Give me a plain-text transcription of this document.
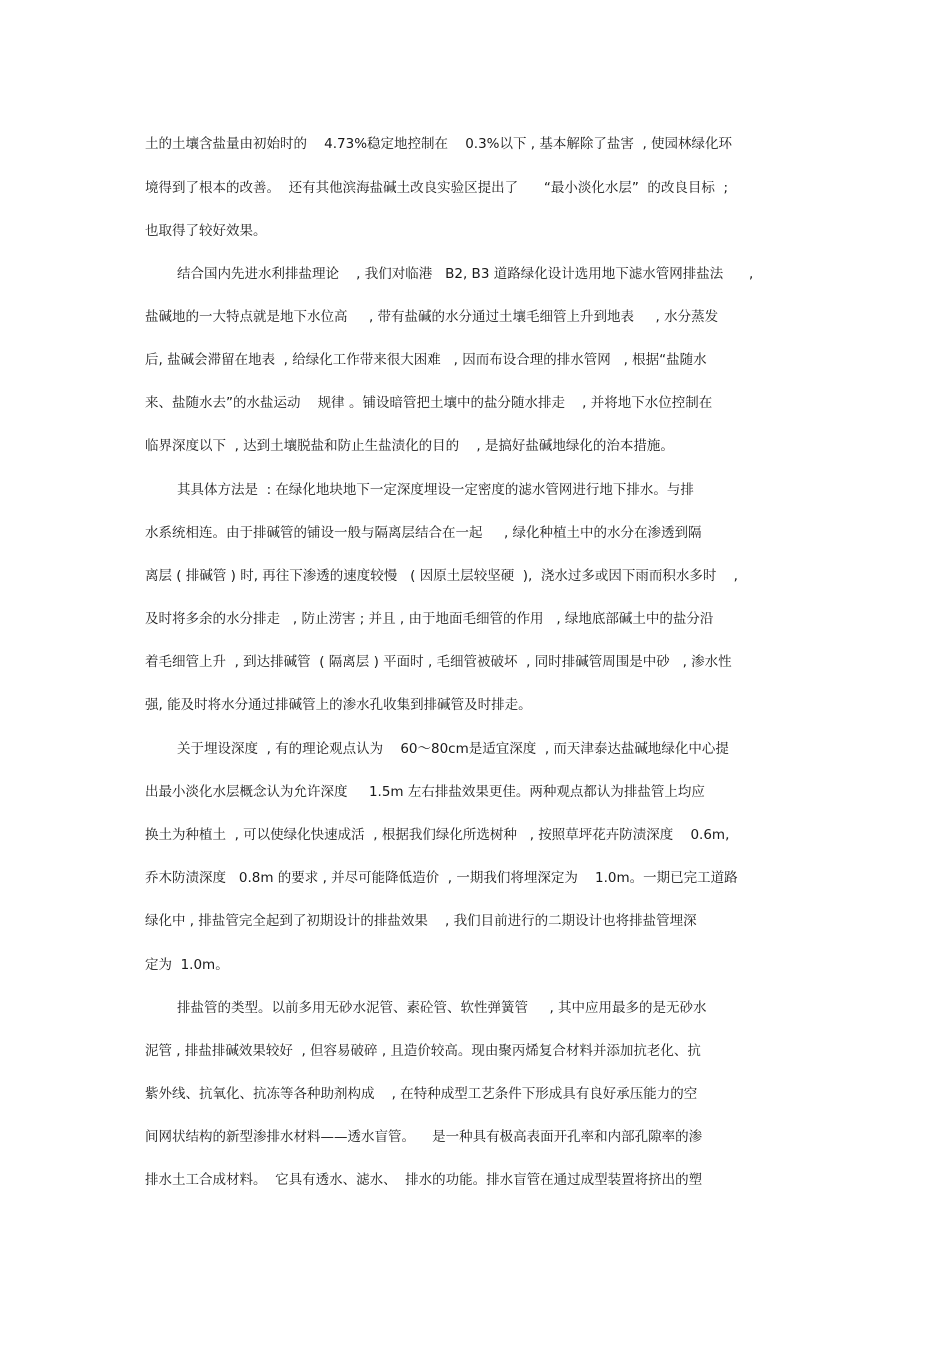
土的土壤含盐量由初始时的    4.73%稳定地控制在    0.3%以下 , 基本解除了盐害  , 使园林绿化环
境得到了根本的改善。  还有其他滨海盐碱土改良实验区提出了      “最小淡化水层”  的改良目标  ;
也取得了较好效果。
结合国内先进水利排盐理论    , 我们对临港   B2, B3 道路绿化设计选用地下滤水管网排盐法      ,
盐碱地的一大特点就是地下水位高     , 带有盐碱的水分通过土壤毛细管上升到地表     , 水分蒸发
后, 盐碱会滞留在地表  , 给绿化工作带来很大困难   , 因而布设合理的排水管网   , 根据“盐随水
来、盐随水去”的水盐运动    规律 。铺设暗管把土壤中的盐分随水排走    , 并将地下水位控制在
临界深度以下  , 达到土壤脱盐和防止生盐渍化的目的    , 是搞好盐碱地绿化的治本措施。
其具体方法是  : 在绿化地块地下一定深度埋设一定密度的滤水管网进行地下排水。与排
水系统相连。由于排碱管的铺设一般与隔离层结合在一起     , 绿化种植土中的水分在渗透到隔
离层 ( 排碱管 ) 时, 再往下渗透的速度较慢   ( 因原土层较坚硬  ),  浇水过多或因下雨而积水多时    ,
及时将多余的水分排走   , 防止涝害 ; 并且 , 由于地面毛细管的作用   , 绿地底部碱土中的盐分沿
着毛细管上升  , 到达排碱管  ( 隔离层 ) 平面时 , 毛细管被破坏  , 同时排碱管周围是中砂   , 渗水性
强, 能及时将水分通过排碱管上的渗水孔收集到排碱管及时排走。
关于埋设深度  , 有的理论观点认为    60～80cm是适宜深度  , 而天津泰达盐碱地绿化中心提
出最小淡化水层概念认为允许深度     1.5m 左右排盐效果更佳。两种观点都认为排盐管上均应
换土为种植土  , 可以使绿化快速成活  , 根据我们绿化所选树种   , 按照草坪花卉防渍深度    0.6m,
乔木防渍深度   0.8m 的要求 , 并尽可能降低造价  , 一期我们将埋深定为    1.0m。一期已完工道路
绿化中 , 排盐管完全起到了初期设计的排盐效果    , 我们目前进行的二期设计也将排盐管埋深
定为  1.0m。
排盐管的类型。以前多用无砂水泥管、素砼管、软性弹簧管     , 其中应用最多的是无砂水
泥管 , 排盐排碱效果较好  , 但容易破碎 , 且造价较高。现由聚丙烯复合材料并添加抗老化、抗
紫外线、抗氧化、抗冻等各种助剂构成    , 在特种成型工艺条件下形成具有良好承压能力的空
间网状结构的新型渗排水材料——透水盲管。    是一种具有极高表面开孔率和内部孔隙率的渗
排水土工合成材料。  它具有透水、滤水、  排水的功能。排水盲管在通过成型装置将挤出的塑
